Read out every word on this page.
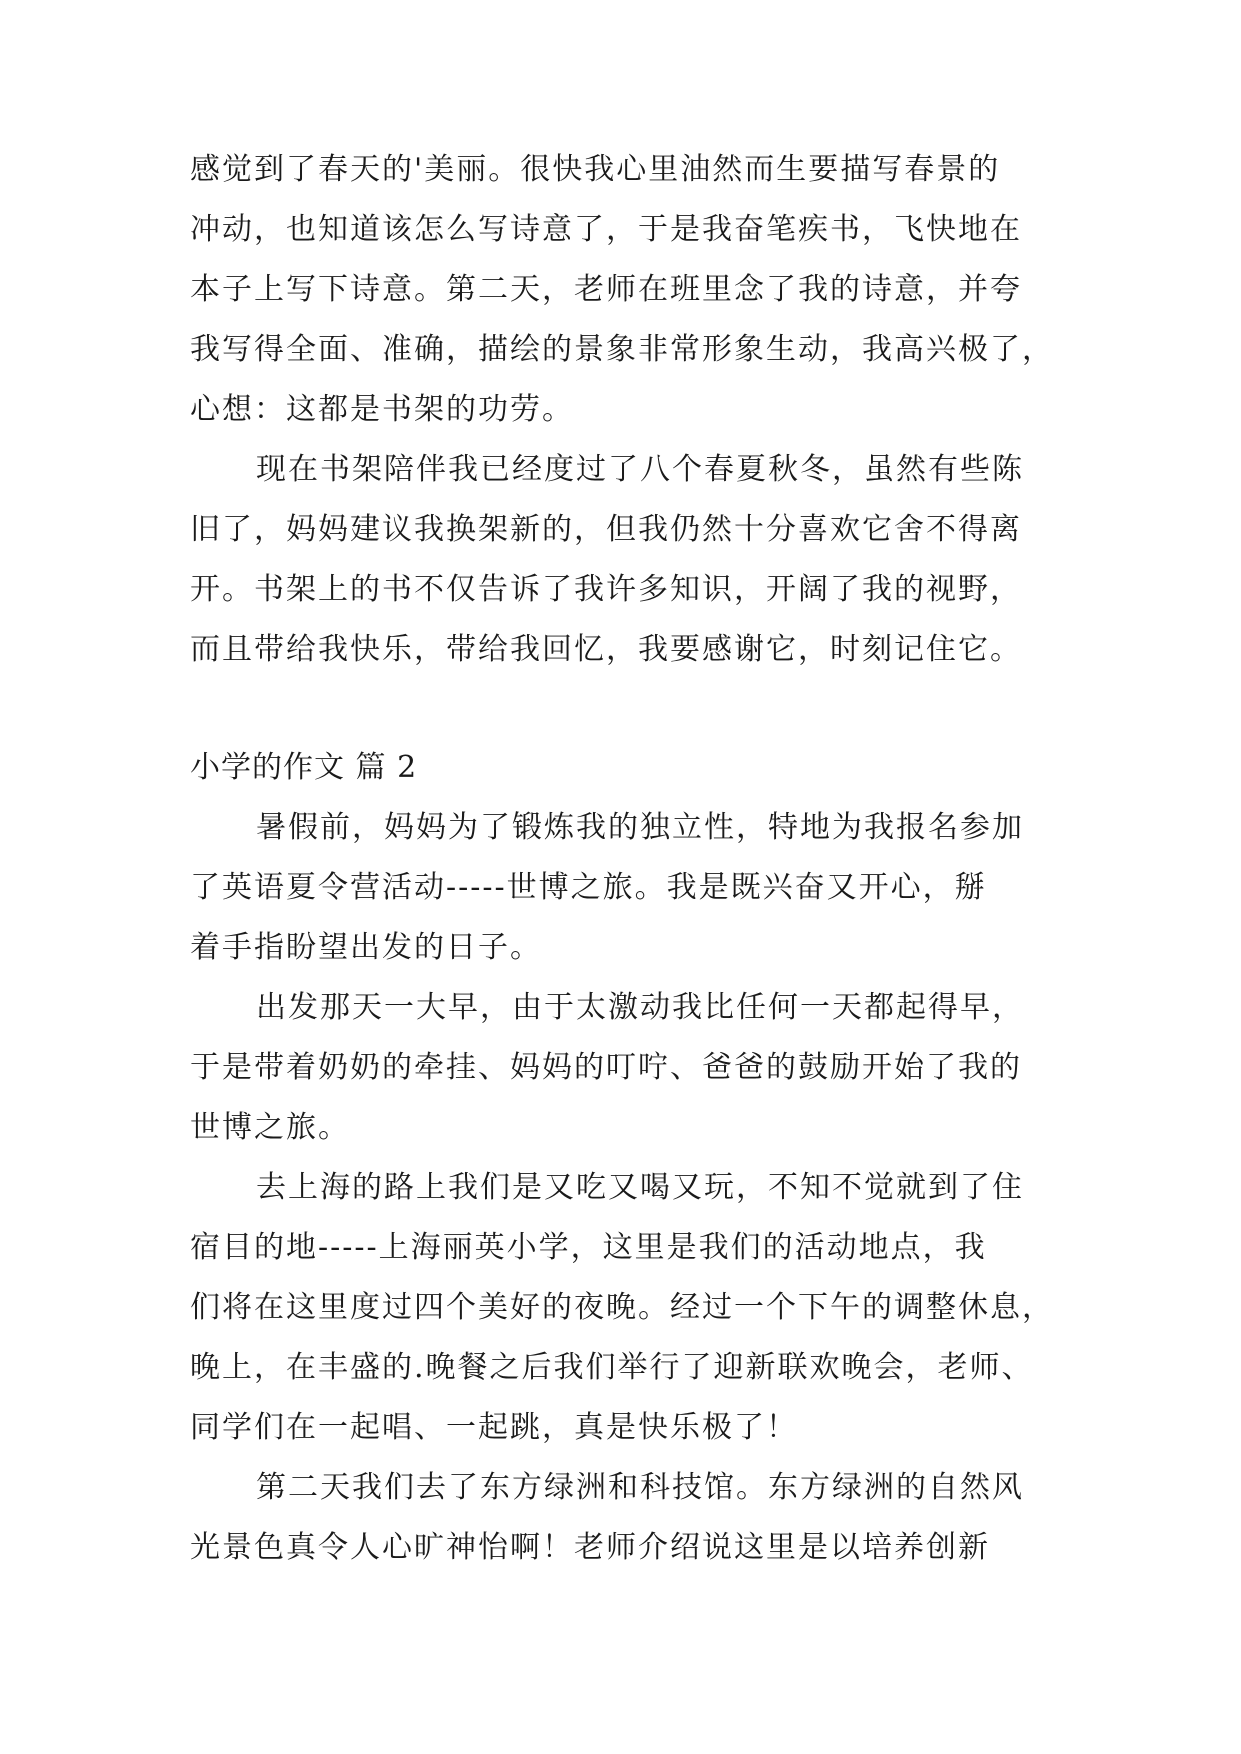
感觉到了春天的'美丽。很快我心里油然而生要描写春景的
冲动，也知道该怎么写诗意了，于是我奋笔疾书，飞快地在
本子上写下诗意。第二天，老师在班里念了我的诗意，并夸
我写得全面、准确，描绘的景象非常形象生动，我高兴极了，
心想：这都是书架的功劳。
现在书架陪伴我已经度过了八个春夏秋冬，虽然有些陈
旧了，妈妈建议我换架新的，但我仍然十分喜欢它舍不得离
开。书架上的书不仅告诉了我许多知识，开阔了我的视野，
而且带给我快乐，带给我回忆，我要感谢它，时刻记住它。
小学的作文 篇 2
暑假前，妈妈为了锻炼我的独立性，特地为我报名参加
了英语夏令营活动-----世博之旅。我是既兴奋又开心，掰
着手指盼望出发的日子。
出发那天一大早，由于太激动我比任何一天都起得早，
于是带着奶奶的牵挂、妈妈的叮咛、爸爸的鼓励开始了我的
世博之旅。
去上海的路上我们是又吃又喝又玩，不知不觉就到了住
宿目的地-----上海丽英小学，这里是我们的活动地点，我
们将在这里度过四个美好的夜晚。经过一个下午的调整休息，
晚上，在丰盛的.晚餐之后我们举行了迎新联欢晚会，老师、
同学们在一起唱、一起跳，真是快乐极了！
第二天我们去了东方绿洲和科技馆。东方绿洲的自然风
光景色真令人心旷神怡啊！老师介绍说这里是以培养创新
